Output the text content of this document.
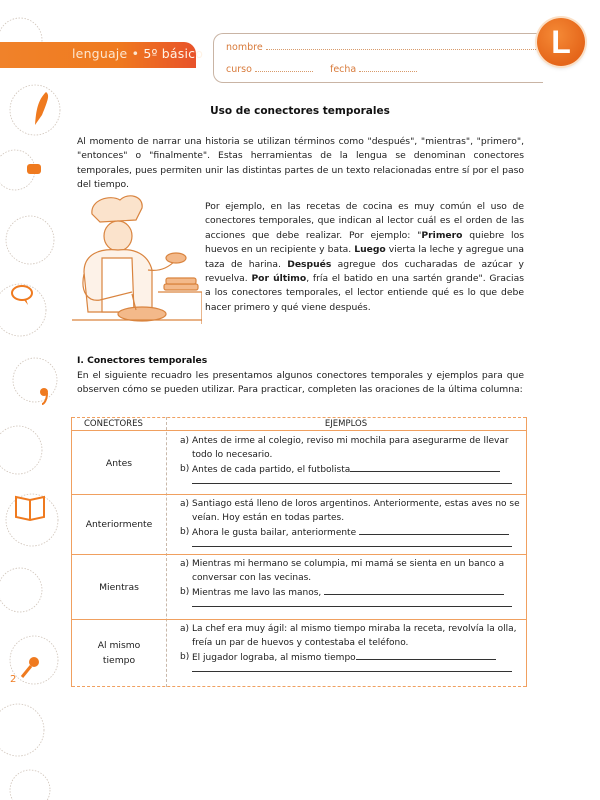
2
lenguaje • 5º básico nombre
curso	fecha
L
Uso de conectores temporales

Al momento de narrar una historia se utilizan términos como "después", "mientras", "primero", "entonces" o "finalmente". Estas herramientas de la lengua se denominan conectores temporales, pues permiten unir las distintas partes de un texto relacionadas entre sí por el paso del tiempo.

Por ejemplo, en las recetas de cocina es muy común el uso de conectores temporales, que indican al lector cuál es el orden de las acciones que debe realizar. Por ejemplo: "Primero quiebre los huevos en un recipiente y bata. Luego vierta la leche y agregue una taza de harina. Después agregue dos cucharadas de azúcar y revuelva. Por último, fría el batido en una sartén grande". Gracias a los conectores temporales, el lector entiende qué es lo que debe hacer primero y qué viene después.

I. Conectores temporales

En el siguiente recuadro les presentamos algunos conectores temporales y ejemplos para que observen cómo se pueden utilizar. Para practicar, completen las oraciones de la última columna:

CONECTORES	EJEMPLOS
Antes
a) Antes de irme al colegio, reviso mi mochila para asegurarme de llevar todo lo necesario.
b) Antes de cada partido, el futbolista
Anteriormente
a) Santiago está lleno de loros argentinos. Anteriormente, estas aves no se veían. Hoy están en todas partes.
b) Ahora le gusta bailar, anteriormente
Mientras
a) Mientras mi hermano se columpia, mi mamá se sienta en un banco a conversar con las vecinas.
b) Mientras me lavo las manos,
Al mismo tiempo
a) La chef era muy ágil: al mismo tiempo miraba la receta, revolvía la olla, freía un par de huevos y contestaba el teléfono.
b) El jugador lograba, al mismo tiempo
